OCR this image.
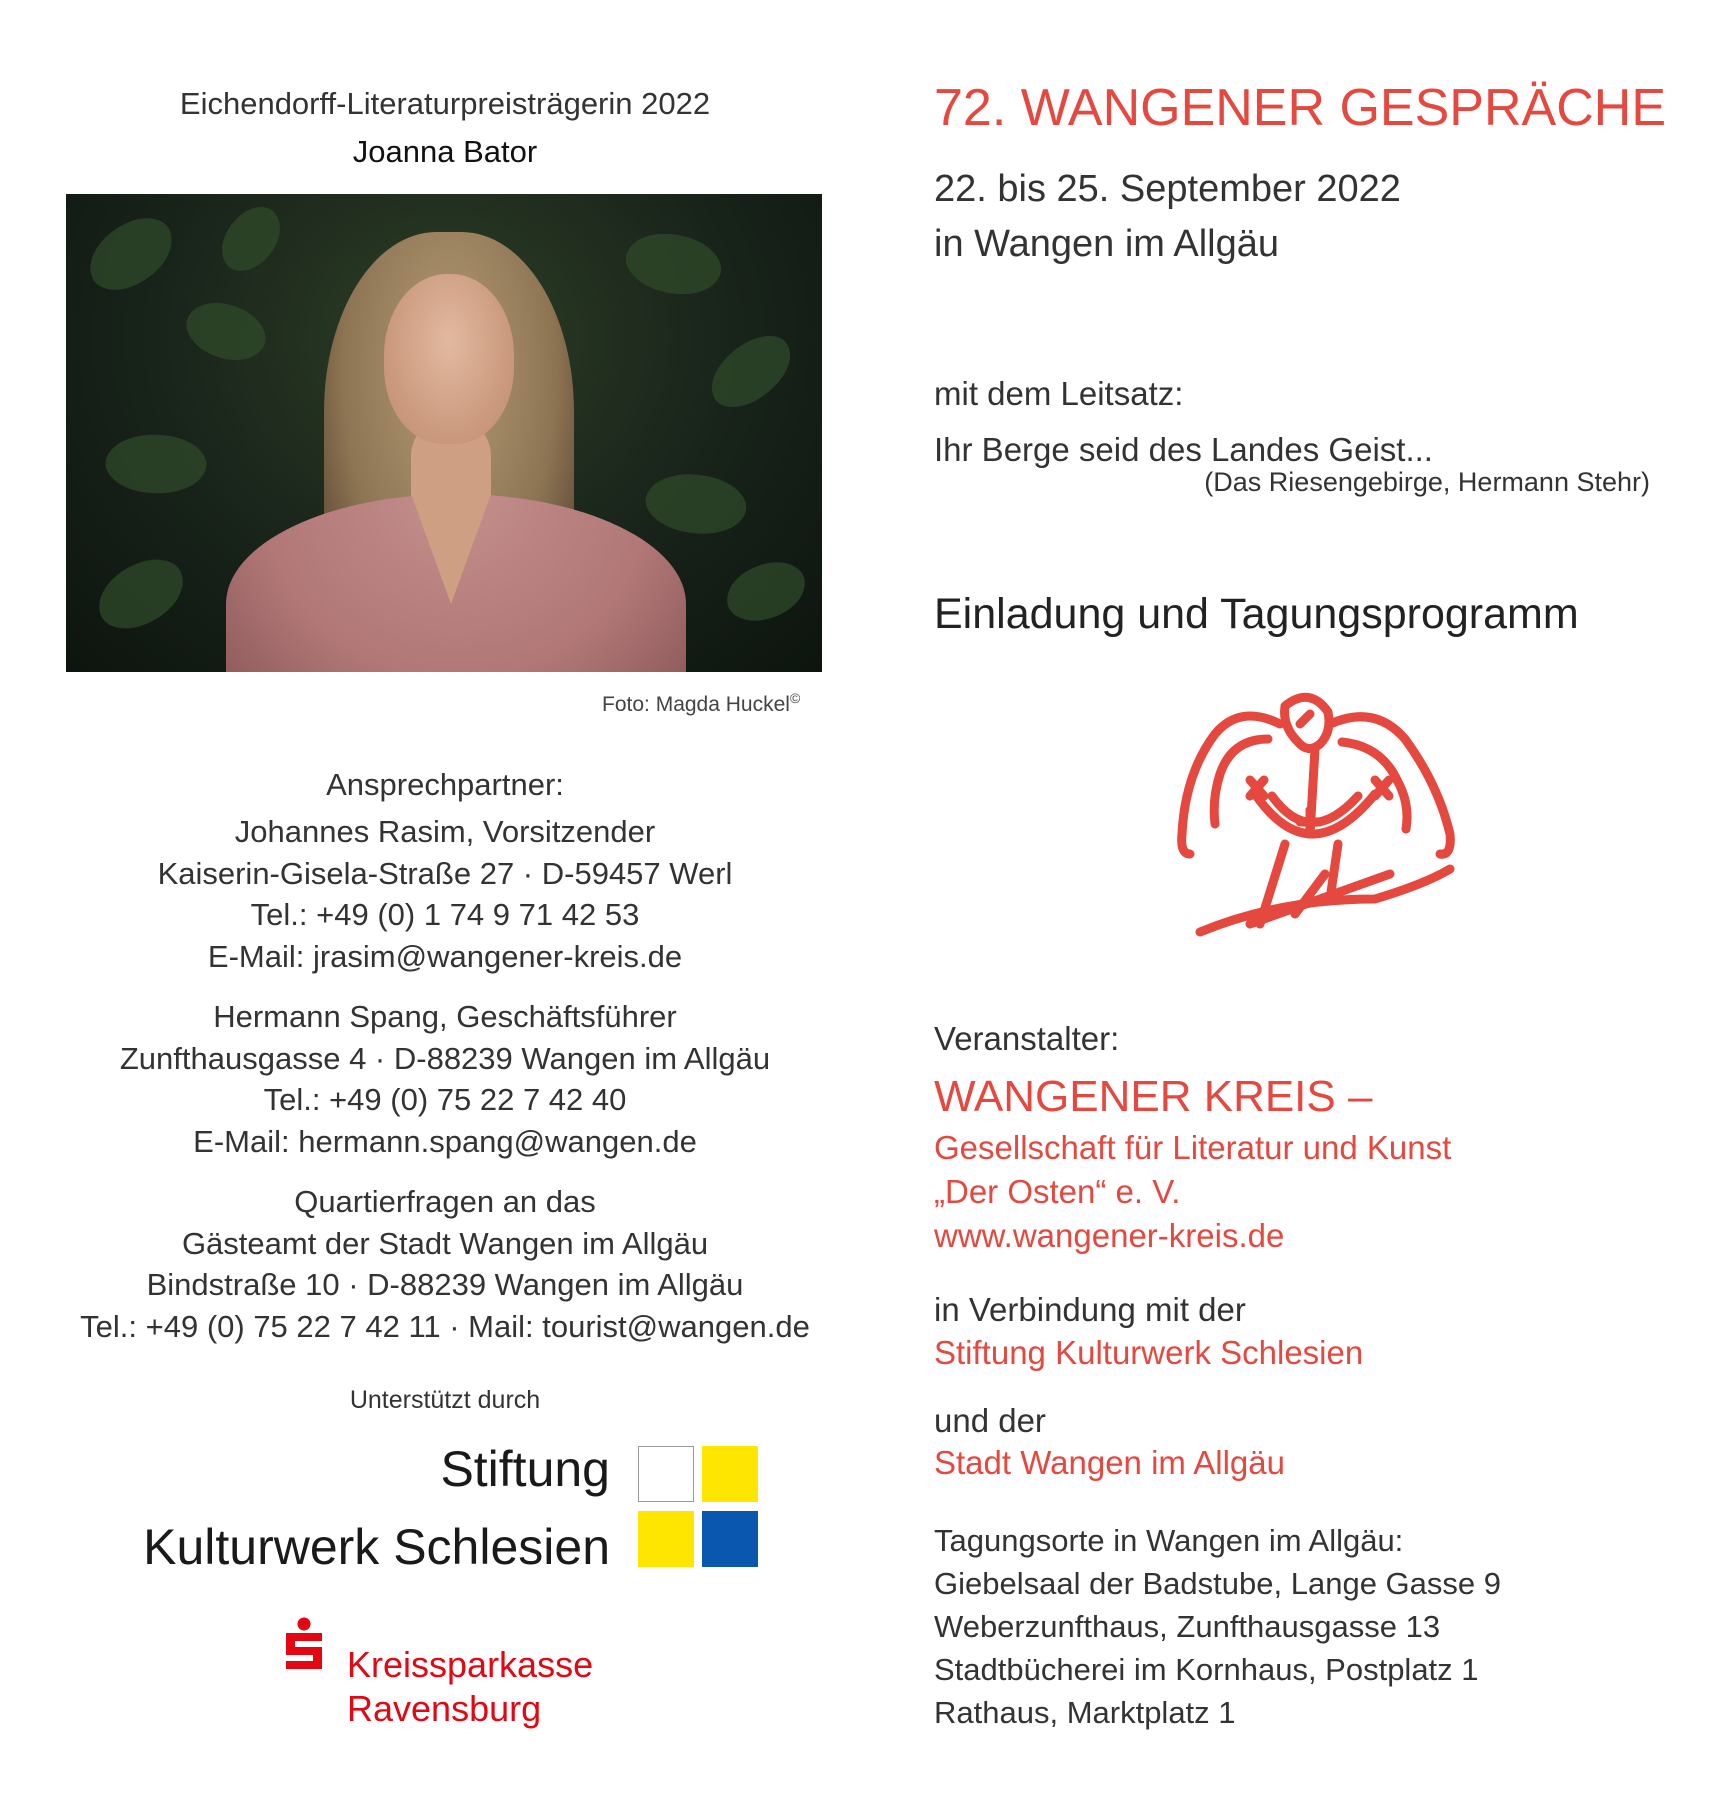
Eichendorff-Literaturpreisträgerin 2022
Joanna Bator
Foto: Magda Huckel©
Ansprechpartner:
Johannes Rasim, Vorsitzender
Kaiserin-Gisela-Straße 27 · D-59457 Werl
Tel.: +49 (0) 1 74 9 71 42 53
E-Mail: jrasim@wangener-kreis.de
Hermann Spang, Geschäftsführer
Zunfthausgasse 4 · D-88239 Wangen im Allgäu
Tel.: +49 (0) 75 22 7 42 40
E-Mail: hermann.spang@wangen.de
Quartierfragen an das
Gästeamt der Stadt Wangen im Allgäu
Bindstraße 10 · D-88239 Wangen im Allgäu
Tel.: +49 (0) 75 22 7 42 11 · Mail: tourist@wangen.de
Unterstützt durch
Stiftung
Kulturwerk Schlesien
Kreissparkasse
Ravensburg
72. WANGENER GESPRÄCHE
22. bis 25. September 2022
in Wangen im Allgäu
mit dem Leitsatz:
Ihr Berge seid des Landes Geist...
(Das Riesengebirge, Hermann Stehr)
Einladung und Tagungsprogramm
Veranstalter:
WANGENER KREIS –
Gesellschaft für Literatur und Kunst
„Der Osten“ e. V.
www.wangener-kreis.de
in Verbindung mit der
Stiftung Kulturwerk Schlesien
und der
Stadt Wangen im Allgäu
Tagungsorte in Wangen im Allgäu:
Giebelsaal der Badstube, Lange Gasse 9
Weberzunfthaus, Zunfthausgasse 13
Stadtbücherei im Kornhaus, Postplatz 1
Rathaus, Marktplatz 1
